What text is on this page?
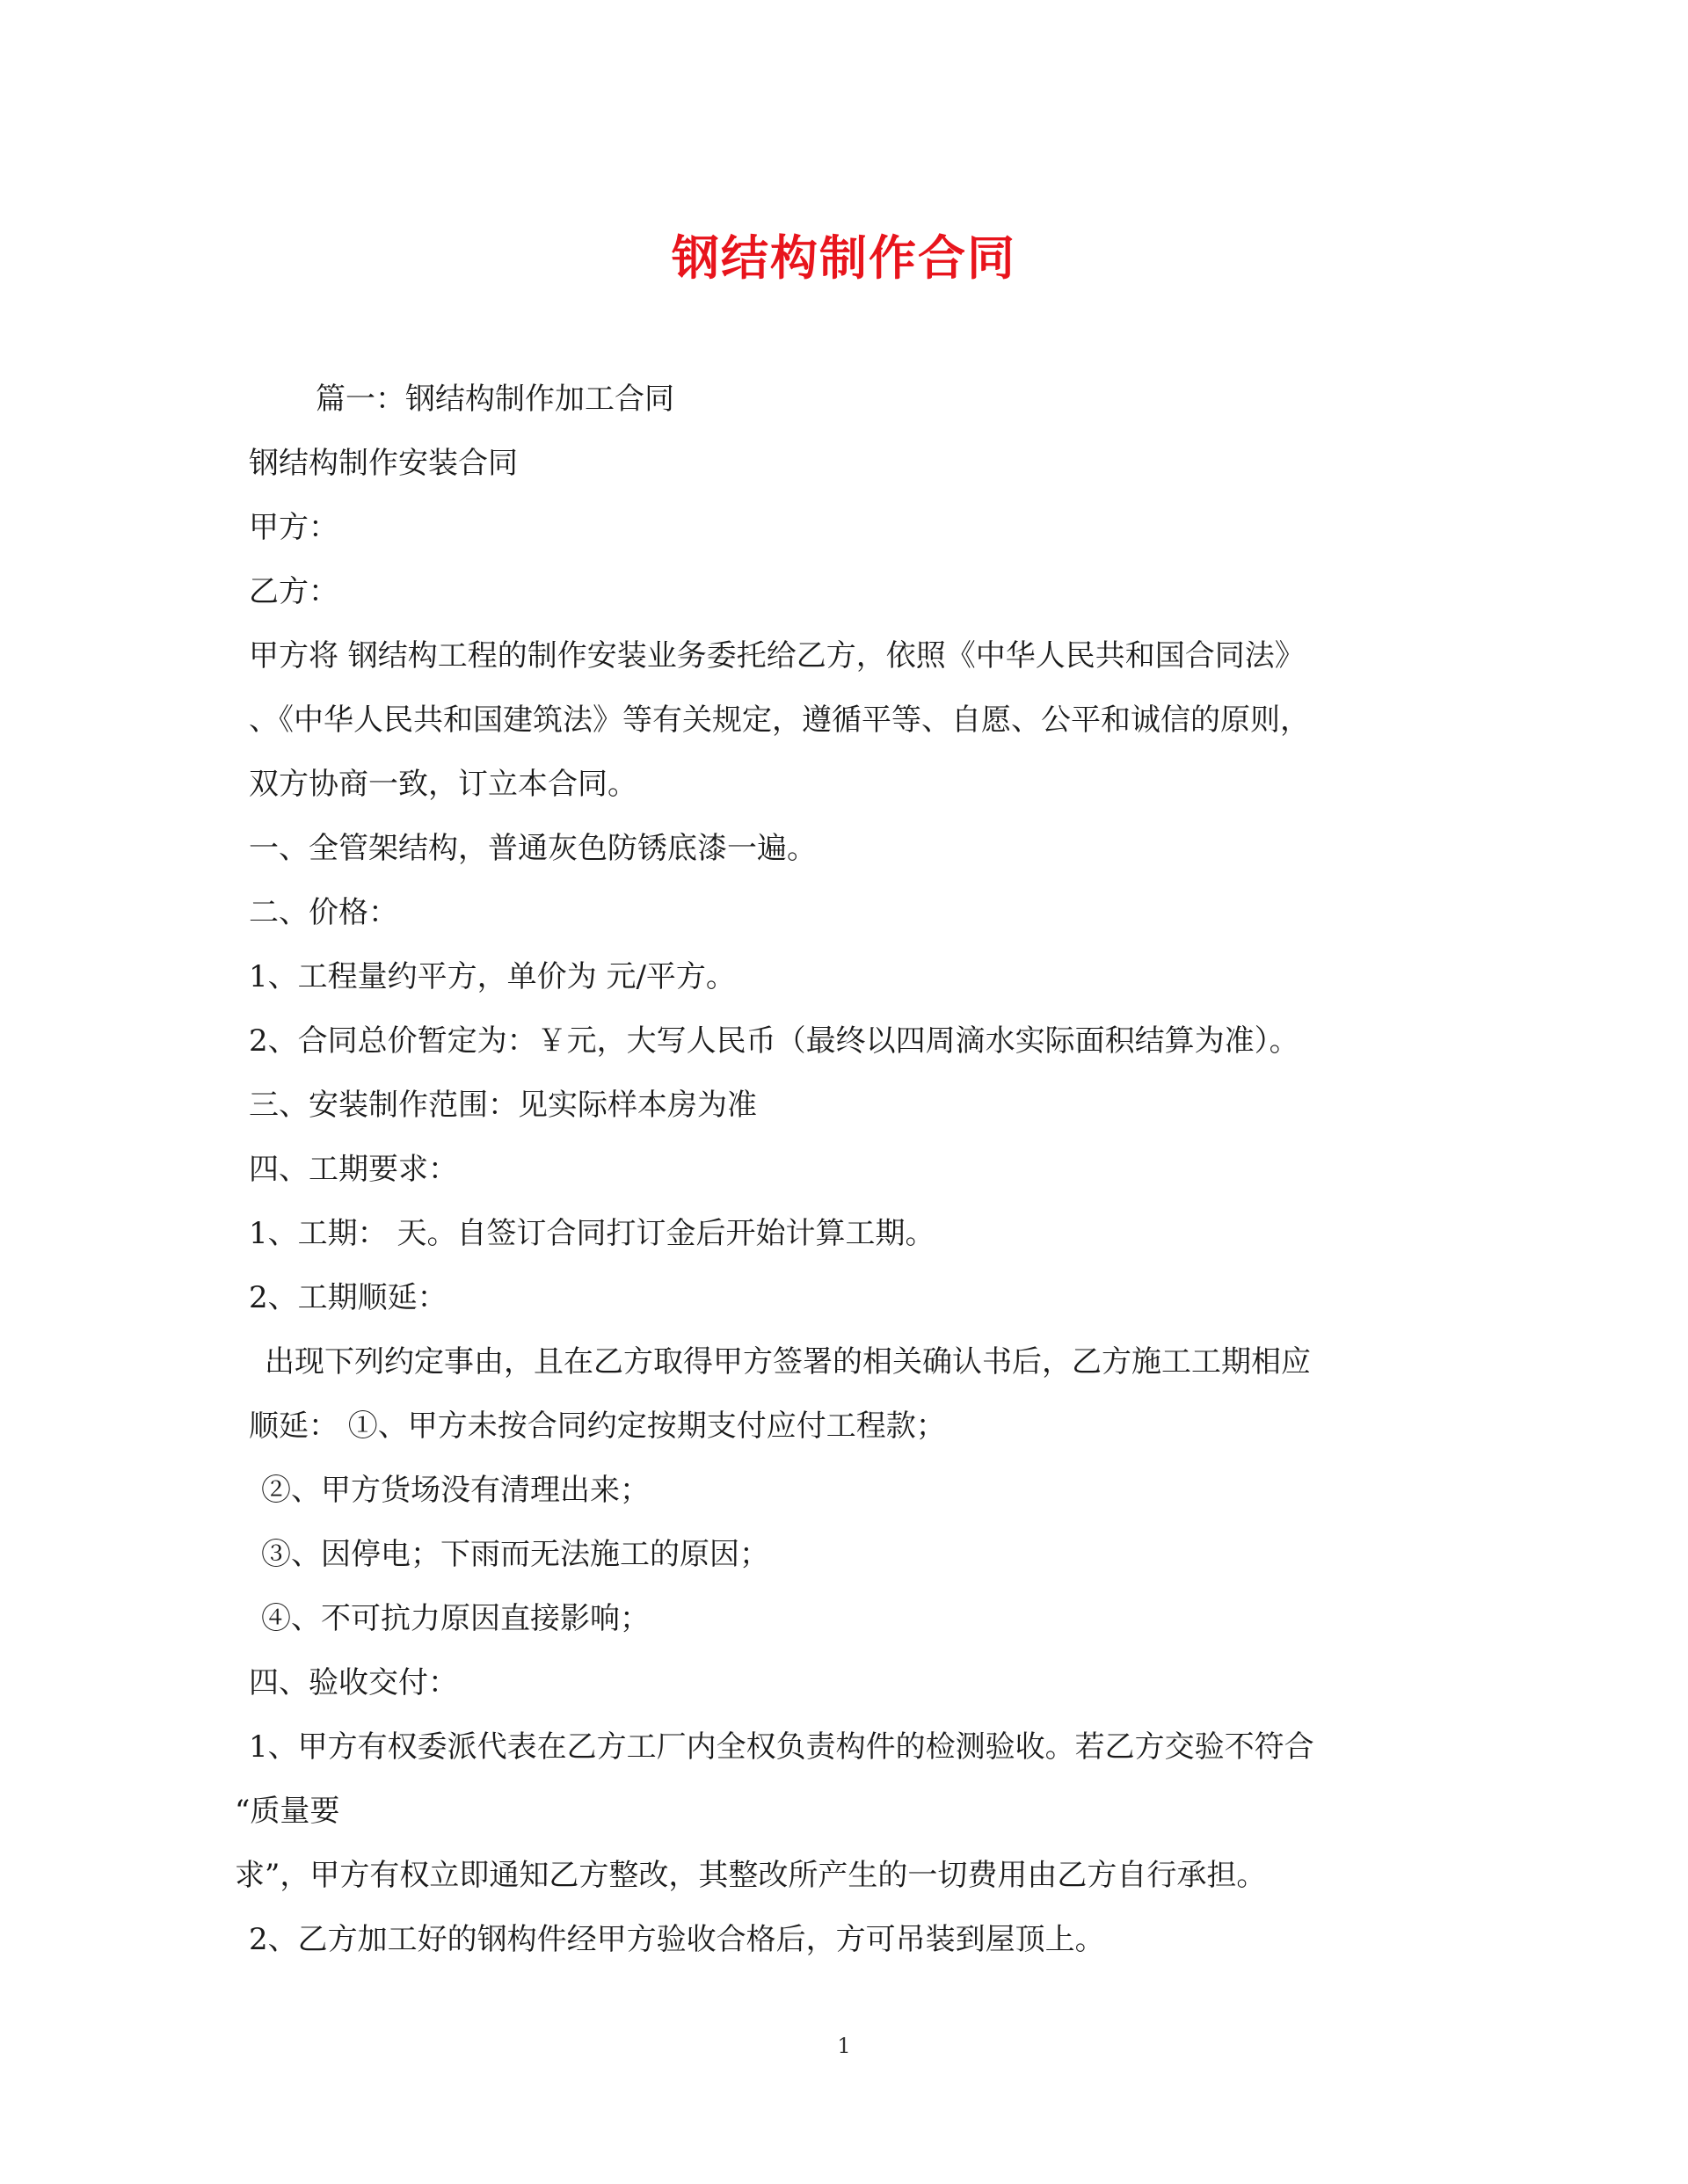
钢结构制作合同
篇一：钢结构制作加工合同
钢结构制作安装合同
甲方：
乙方：
甲方将 钢结构工程的制作安装业务委托给乙方，依照《中华人民共和国合同法》
、《中华人民共和国建筑法》等有关规定，遵循平等、自愿、公平和诚信的原则，
双方协商一致，订立本合同。
一、全管架结构，普通灰色防锈底漆一遍。
二、价格：
1、工程量约平方，单价为 元/平方。
2、合同总价暂定为：￥元，大写人民币（最终以四周滴水实际面积结算为准）。
三、安装制作范围：见实际样本房为准
四、工期要求：
1、工期： 天。自签订合同打订金后开始计算工期。
2、工期顺延：
出现下列约定事由，且在乙方取得甲方签署的相关确认书后，乙方施工工期相应
顺延： ①、甲方未按合同约定按期支付应付工程款；
②、甲方货场没有清理出来；
③、因停电；下雨而无法施工的原因；
④、不可抗力原因直接影响；
四、验收交付：
1、甲方有权委派代表在乙方工厂内全权负责构件的检测验收。若乙方交验不符合
“质量要
求”，甲方有权立即通知乙方整改，其整改所产生的一切费用由乙方自行承担。
2、乙方加工好的钢构件经甲方验收合格后，方可吊装到屋顶上。
1
